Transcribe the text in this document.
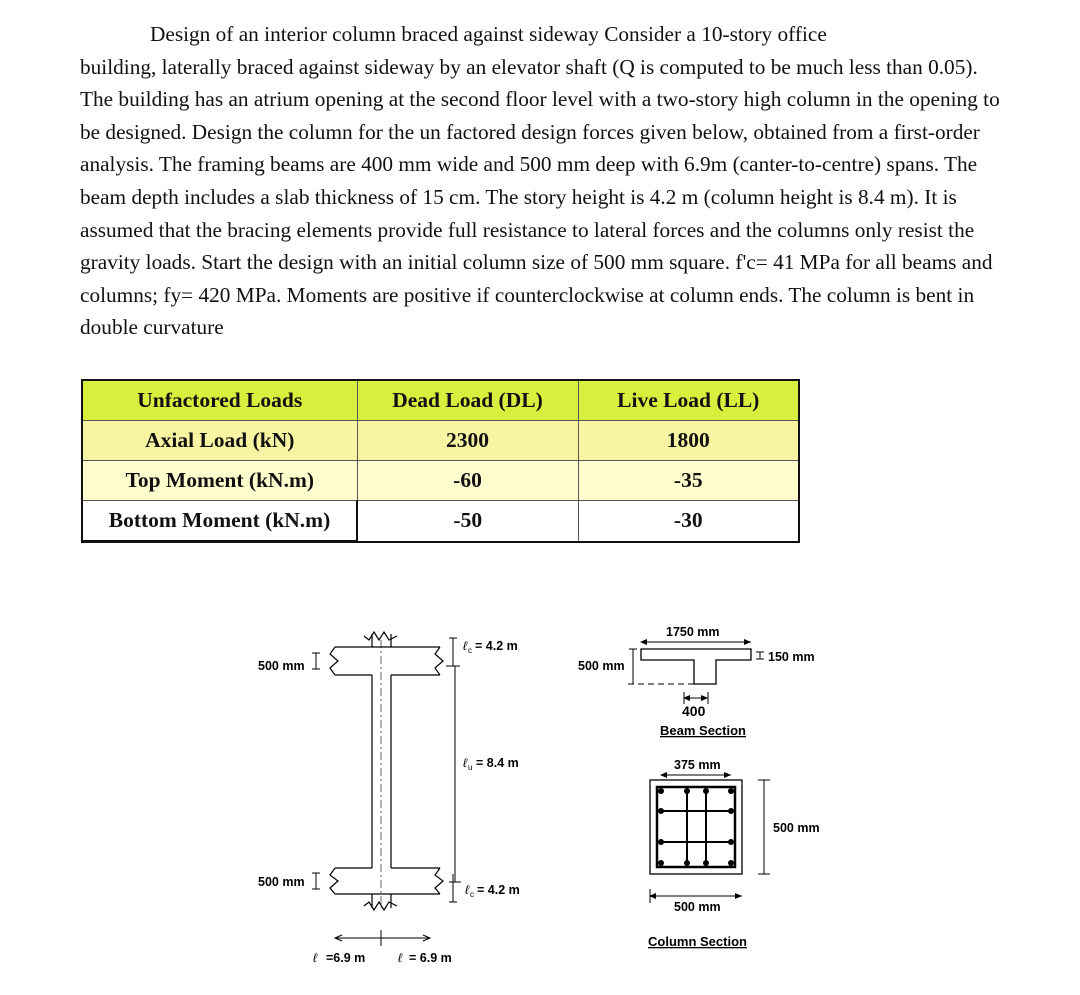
Design of an interior column braced against sideway Consider a 10-story office
building, laterally braced against sideway by an elevator shaft (Q is computed to be much less than 0.05). The building has an atrium opening at the second floor level with a two-story high column in the opening to be designed. Design the column for the un factored design forces given below, obtained from a first-order analysis. The framing beams are 400 mm wide and 500 mm deep with 6.9m (canter-to-centre) spans. The beam depth includes a slab thickness of 15 cm. The story height is 4.2 m (column height is 8.4 m). It is assumed that the bracing elements provide full resistance to lateral forces and the columns only resist the gravity loads. Start the design with an initial column size of 500 mm square. f'c= 41 MPa for all beams and columns; fy= 420 MPa. Moments are positive if counterclockwise at column ends. The column is bent in double curvature

Unfactored Loads	Dead Load (DL)	Live Load (LL)
Axial Load (kN)	2300	1800
Top Moment (kN.m)	-60	-35
Bottom Moment (kN.m)	-50	-30
500 mm
500 mm
ℓ c = 4.2 m
ℓ u = 8.4 m
ℓ c = 4.2 m
ℓ =6.9 m	ℓ = 6.9 m
1750 mm
500 mm
150 mm
400
Beam Section
375 mm
500 mm
500 mm
Column Section
